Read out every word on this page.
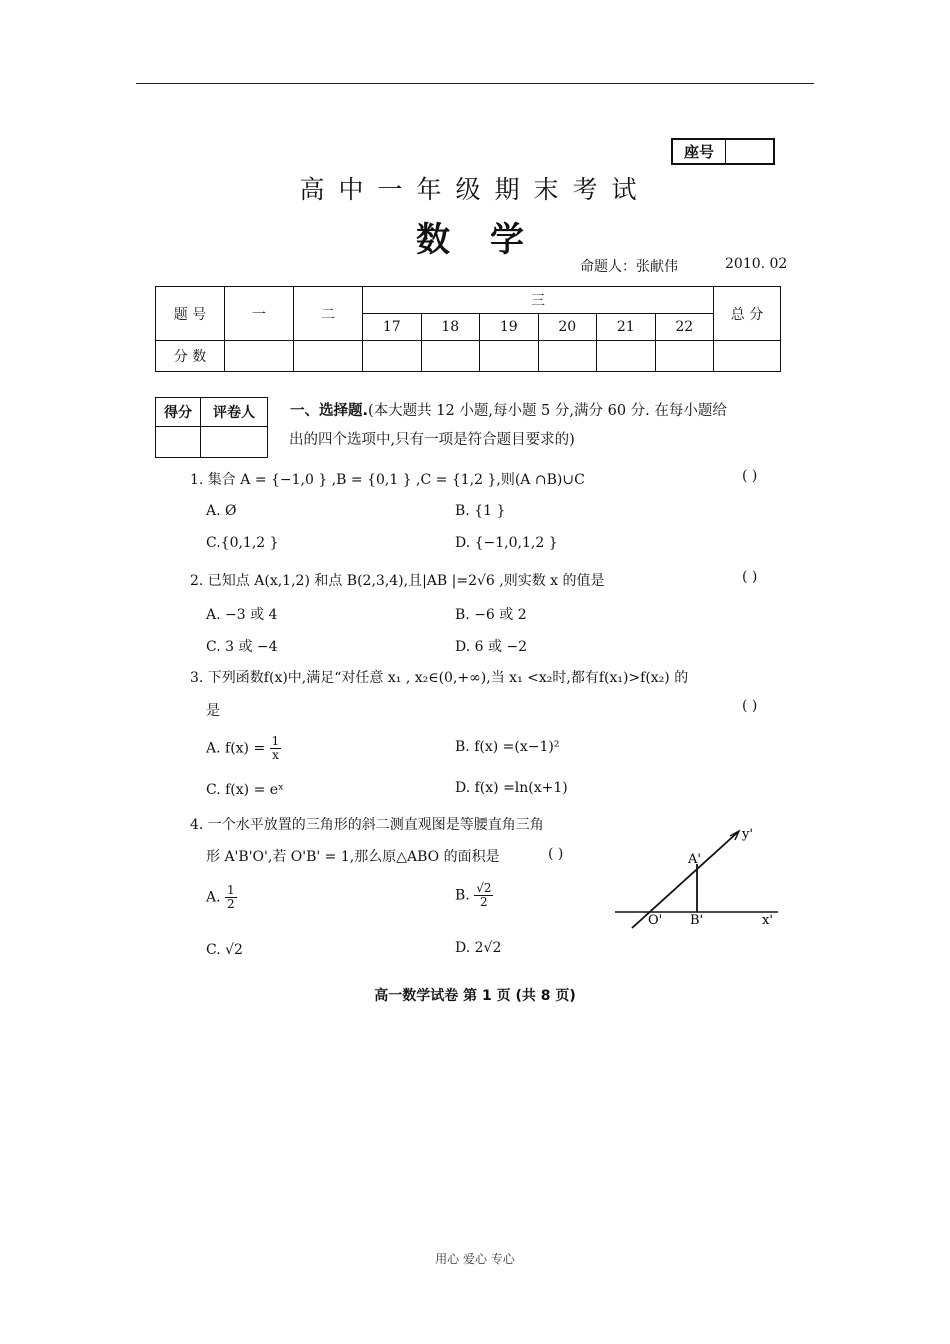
座号
高中一年级期末考试
数学
命题人：张献伟	2010. 02
题 号	一	二	三						总 分
			17	18	19	20	21	22	
分 数									
得分	评卷人
	一、选择题.(本大题共 12 小题,每小题 5 分,满分 60 分. 在每小题给
出的四个选项中,只有一项是符合题目要求的)
1. 集合 A = {−1,0 } ,B = {0,1 } ,C = {1,2 },则(A ∩B)∪C	( )
A. Ø	B. {1 }
C.{0,1,2 }	D. {−1,0,1,2 }
2. 已知点 A(x,1,2) 和点 B(2,3,4),且|AB |=2√6 ,则实数 x 的值是	( )
A. −3 或 4	B. −6 或 2
C. 3 或 −4	D. 6 或 −2
3. 下列函数f(x)中,满足“对任意 x₁ , x₂∈(0,+∞),当 x₁ <x₂时,都有f(x₁)>f(x₂) 的
是	( )
A. $f(x) = \frac{1}{x}$	B. f(x) =(x−1)²
C. f(x) = eˣ	D. f(x) =ln(x+1)
4. 一个水平放置的三角形的斜二测直观图是等腰直角三角
形 A'B'O',若 O'B' = 1,那么原△ABO 的面积是	( )
A. $\frac{1}{2}$	B. $\frac{√2}{2}$
C. √2	D. 2√2
y'
A'
O' B'	x'
高一数学试卷 第 1 页 (共 8 页)
用心 爱心 专心
